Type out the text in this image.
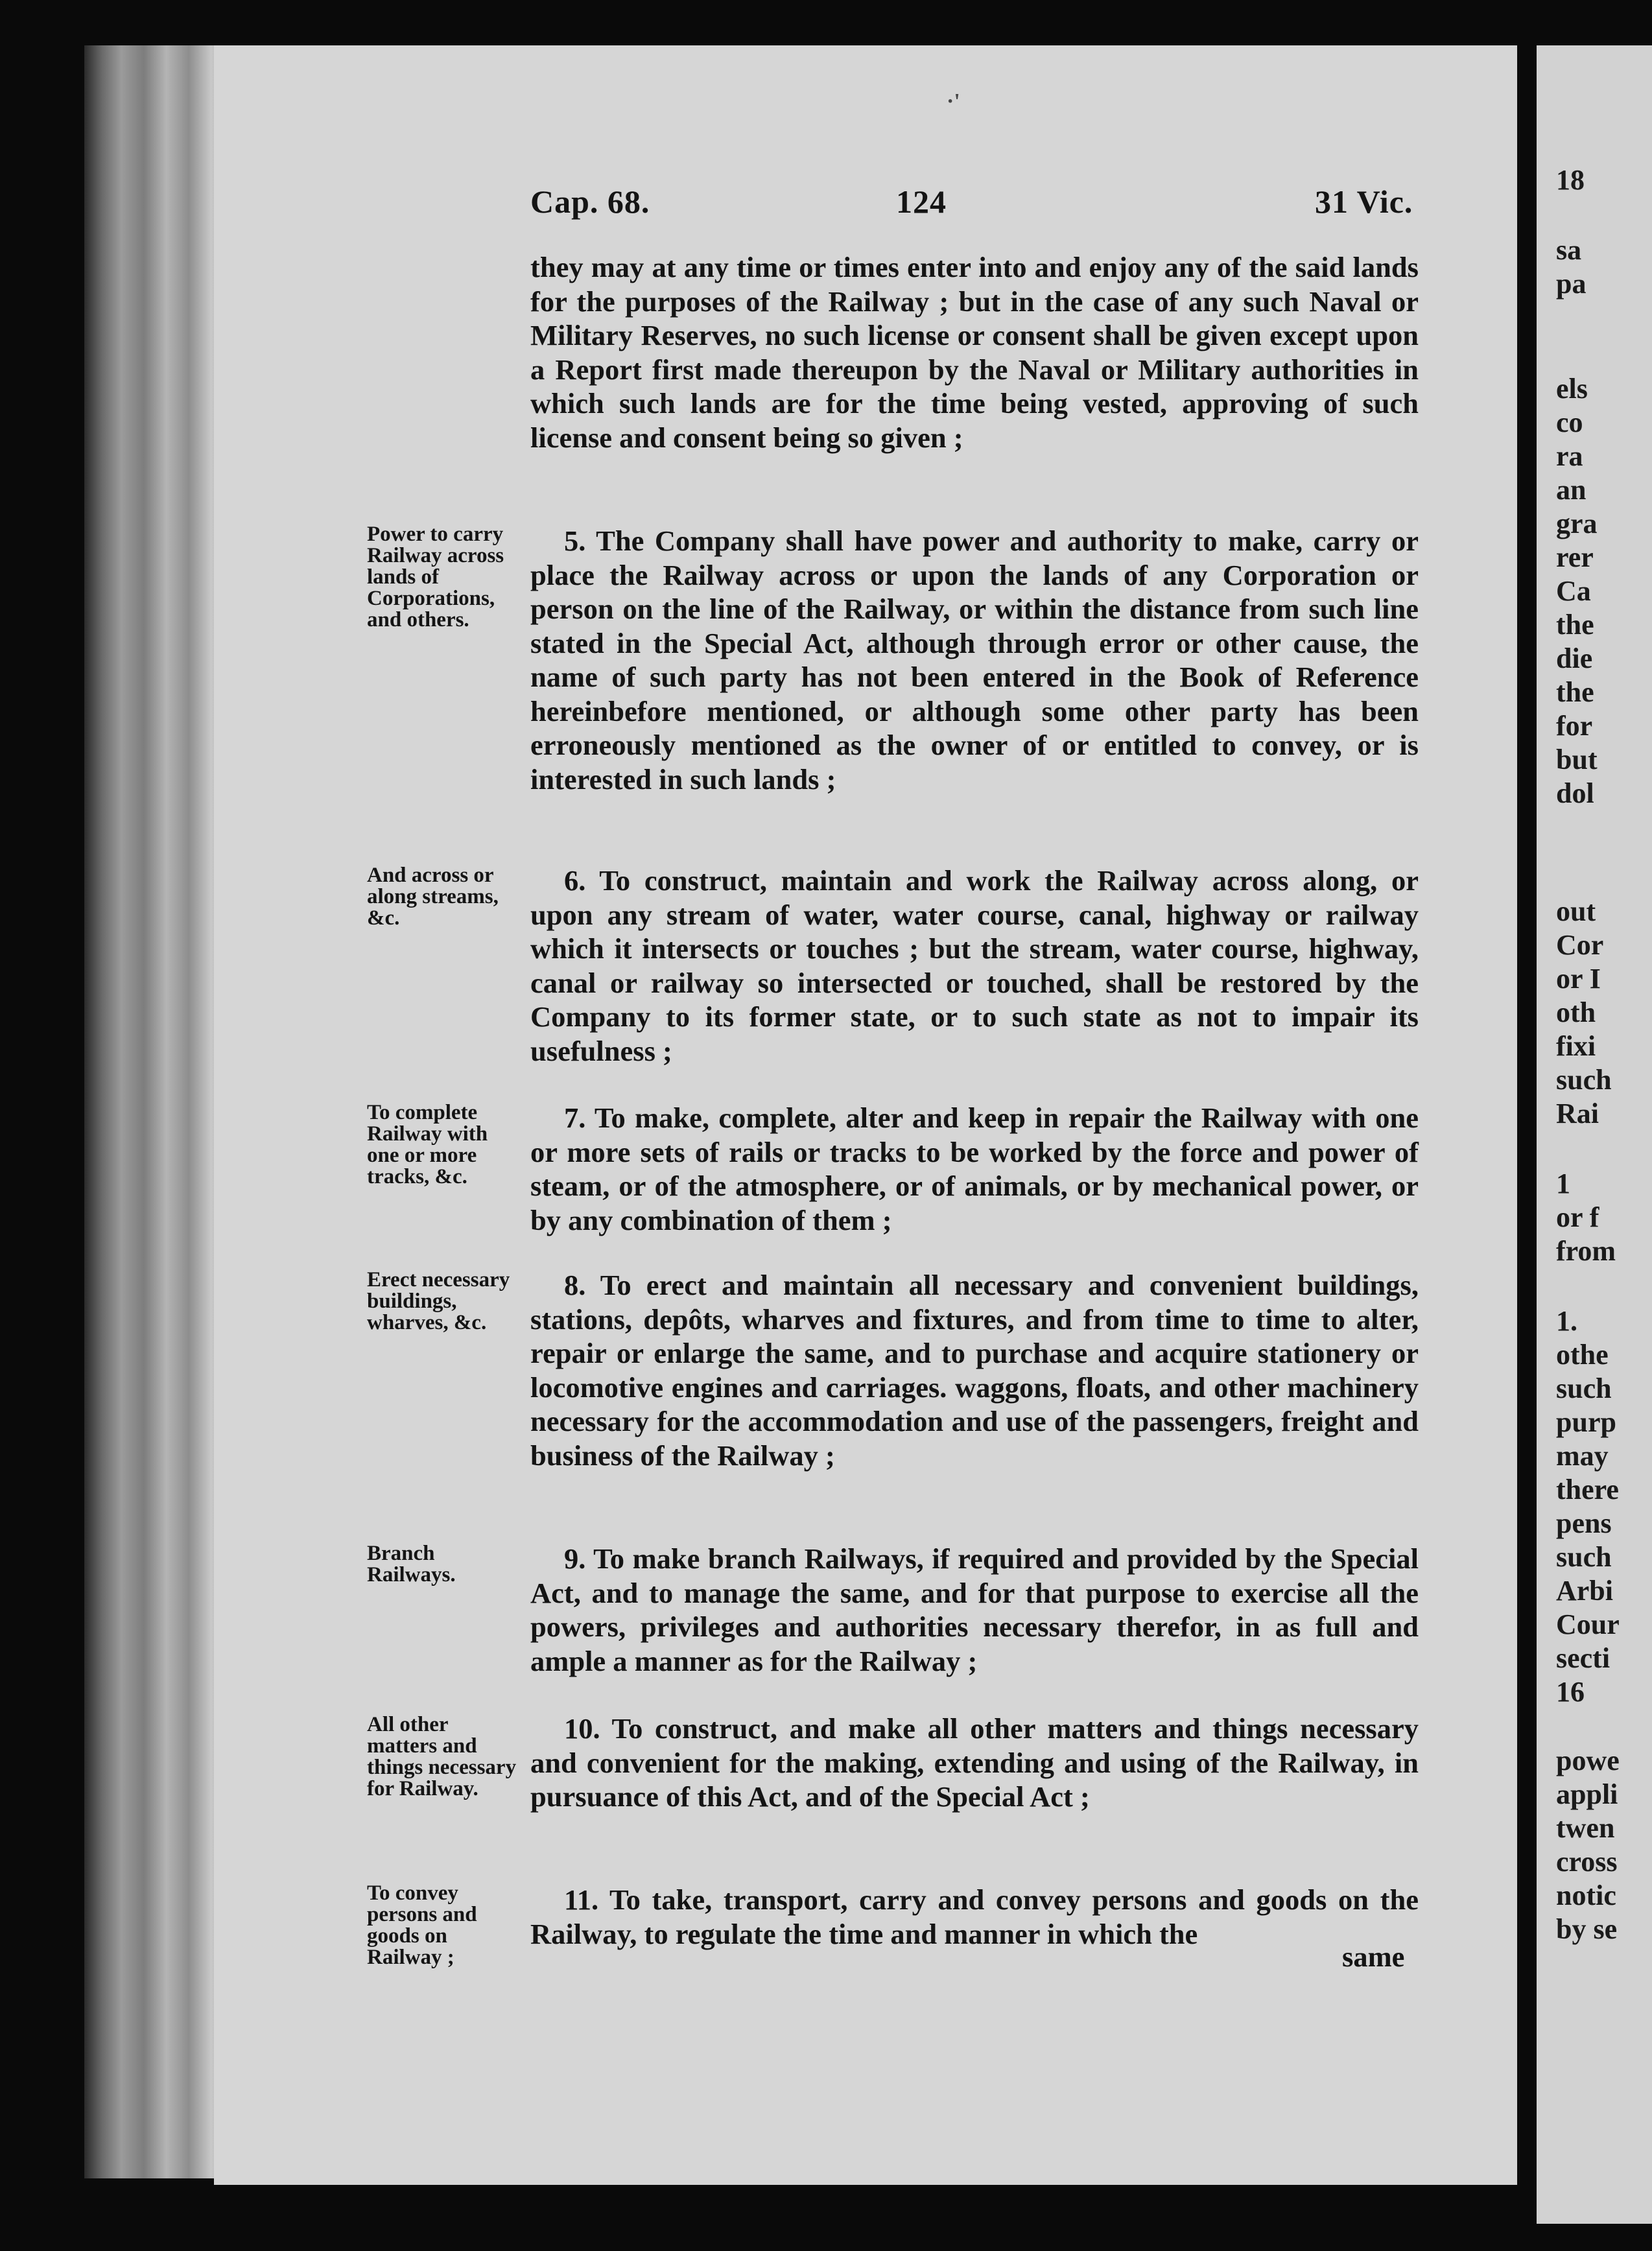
·'
18
sa
pa
els
co
ra
an
gra
rer
Ca
the
die
the
for
but
dol
out
Cor
or I
oth
fixi
such
Rai
1
or f
from
1.
othe
such
purp
may
there
pens
such
Arbi
Cour
secti
16
powe
appli
twen
cross
notic
by se
Cap. 68.	124	31 Vic.

they may at any time or times enter into and enjoy any of the said lands for the purposes of the Railway ; but in the case of any such Naval or Military Reserves, no such license or consent shall be given except upon a Report first made thereupon by the Naval or Military authorities in which such lands are for the time being vested, approving of such license and consent being so given ;

Power to carry Railway across lands of Corporations, and others.

5. The Company shall have power and authority to make, carry or place the Railway across or upon the lands of any Corporation or person on the line of the Railway, or within the distance from such line stated in the Special Act, although through error or other cause, the name of such party has not been entered in the Book of Reference hereinbefore mentioned, or although some other party has been erroneously mentioned as the owner of or entitled to convey, or is interested in such lands ;

And across or along streams, &c.

6. To construct, maintain and work the Railway across along, or upon any stream of water, water course, canal, highway or railway which it intersects or touches ; but the stream, water course, highway, canal or railway so intersected or touched, shall be restored by the Company to its former state, or to such state as not to impair its usefulness ;

To complete Railway with one or more tracks, &c.

7. To make, complete, alter and keep in repair the Railway with one or more sets of rails or tracks to be worked by the force and power of steam, or of the atmosphere, or of animals, or by mechanical power, or by any combination of them ;

Erect necessary buildings, wharves, &c.

8. To erect and maintain all necessary and convenient buildings, stations, depôts, wharves and fixtures, and from time to time to alter, repair or enlarge the same, and to purchase and acquire stationery or locomotive engines and carriages. waggons, floats, and other machinery necessary for the accommodation and use of the passengers, freight and business of the Railway ;

Branch Railways.	9. To make branch Railways, if required and provided by the Special Act, and to manage the same, and for that purpose to exercise all the powers, privileges and authorities necessary therefor, in as full and ample a manner as for the Railway ;

All other matters and things necessary for Railway.

10. To construct, and make all other matters and things necessary and convenient for the making, extending and using of the Railway, in pursuance of this Act, and of the Special Act ;

To convey persons and goods on Railway ;

11. To take, transport, carry and convey persons and goods on the Railway, to regulate the time and manner in which the

same
